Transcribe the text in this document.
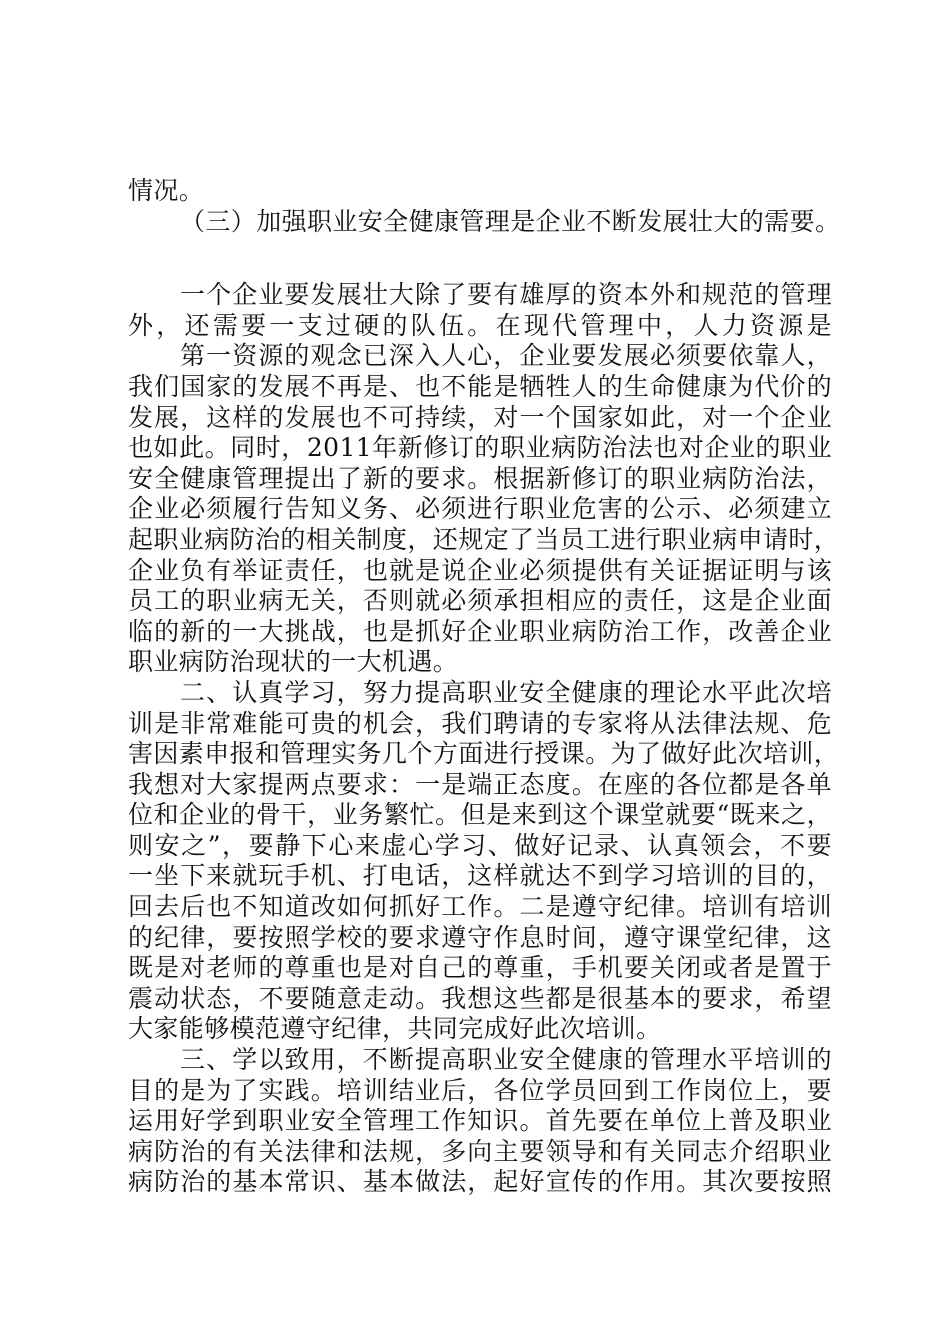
情况。
（三）加强职业安全健康管理是企业不断发展壮大的需要。
一个企业要发展壮大除了要有雄厚的资本外和规范的管理
外，还需要一支过硬的队伍。在现代管理中，人力资源是
第一资源的观念已深入人心，企业要发展必须要依靠人，
我们国家的发展不再是、也不能是牺牲人的生命健康为代价的
发展，这样的发展也不可持续，对一个国家如此，对一个企业
也如此。同时，2011年新修订的职业病防治法也对企业的职业
安全健康管理提出了新的要求。根据新修订的职业病防治法，
企业必须履行告知义务、必须进行职业危害的公示、必须建立
起职业病防治的相关制度，还规定了当员工进行职业病申请时，
企业负有举证责任，也就是说企业必须提供有关证据证明与该
员工的职业病无关，否则就必须承担相应的责任，这是企业面
临的新的一大挑战，也是抓好企业职业病防治工作，改善企业
职业病防治现状的一大机遇。
二、认真学习，努力提高职业安全健康的理论水平此次培
训是非常难能可贵的机会，我们聘请的专家将从法律法规、危
害因素申报和管理实务几个方面进行授课。为了做好此次培训，
我想对大家提两点要求：一是端正态度。在座的各位都是各单
位和企业的骨干，业务繁忙。但是来到这个课堂就要“既来之，
则安之”，要静下心来虚心学习、做好记录、认真领会，不要
一坐下来就玩手机、打电话，这样就达不到学习培训的目的，
回去后也不知道改如何抓好工作。二是遵守纪律。培训有培训
的纪律，要按照学校的要求遵守作息时间，遵守课堂纪律，这
既是对老师的尊重也是对自己的尊重，手机要关闭或者是置于
震动状态，不要随意走动。我想这些都是很基本的要求，希望
大家能够模范遵守纪律，共同完成好此次培训。
三、学以致用，不断提高职业安全健康的管理水平培训的
目的是为了实践。培训结业后，各位学员回到工作岗位上，要
运用好学到职业安全管理工作知识。首先要在单位上普及职业
病防治的有关法律和法规，多向主要领导和有关同志介绍职业
病防治的基本常识、基本做法，起好宣传的作用。其次要按照
